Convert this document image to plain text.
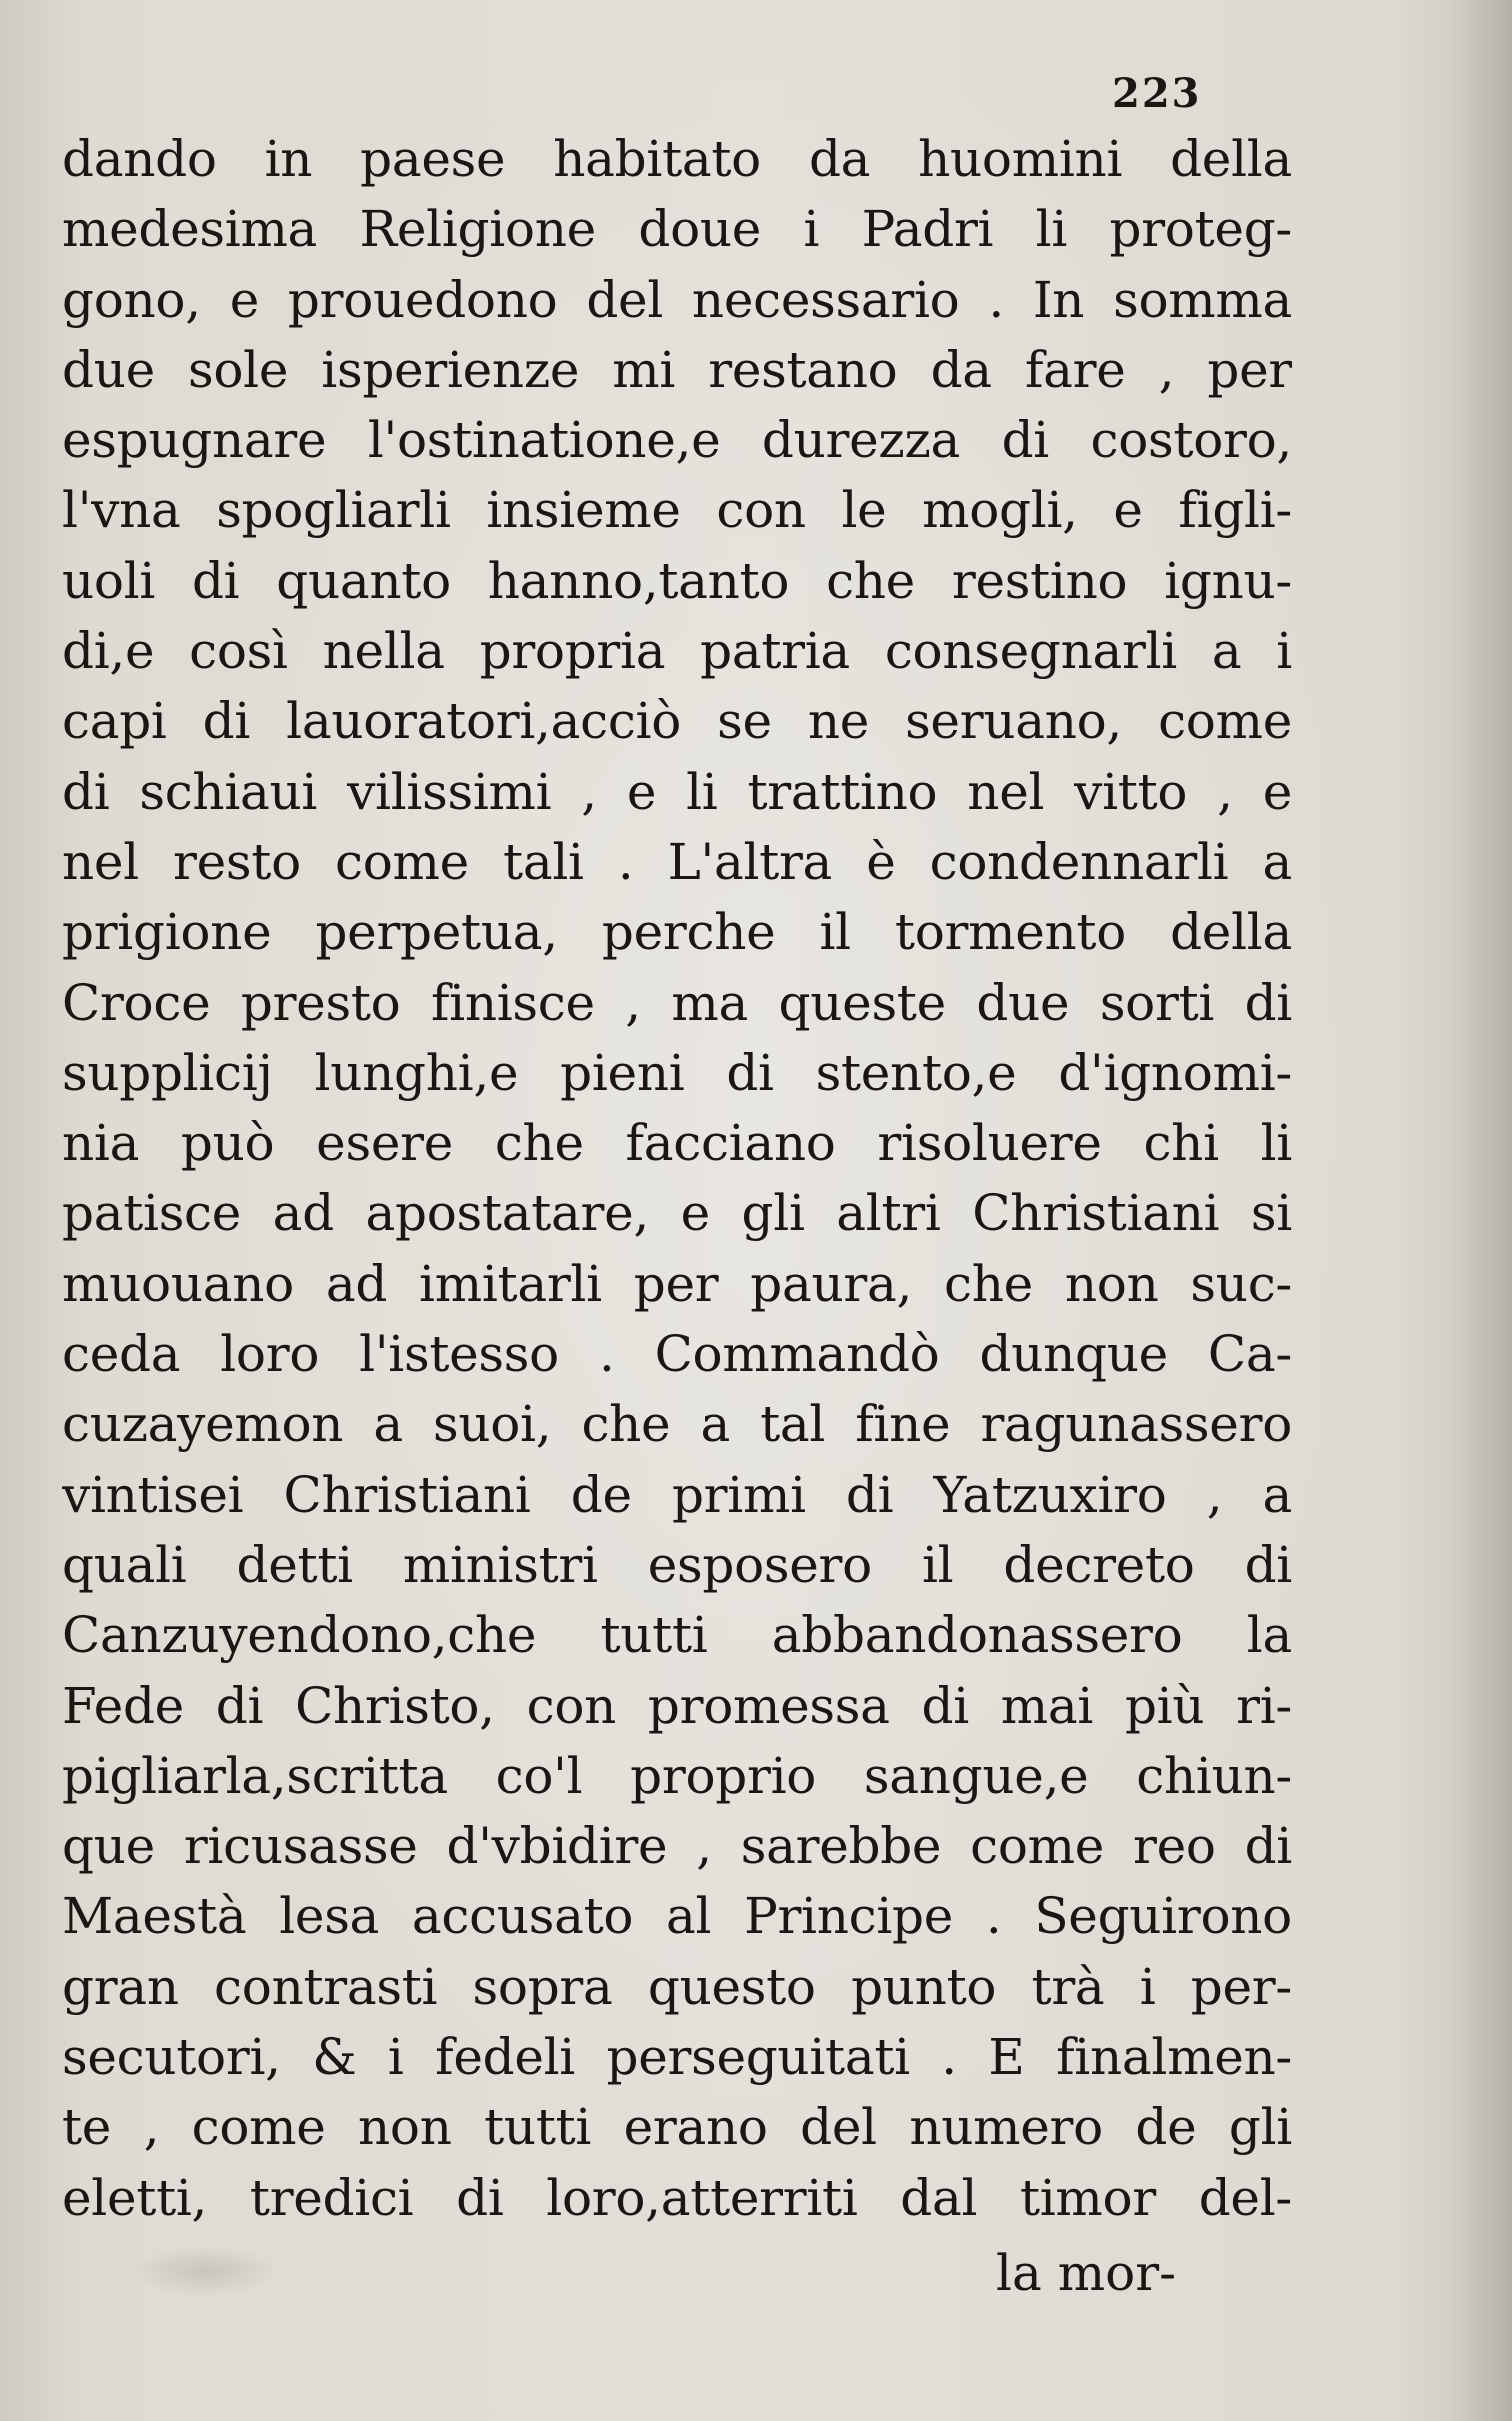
223
dando in paese habitato da huomini della
medesima Religione doue i Padri li proteg-
gono, e prouedono del necessario . In somma
due sole isperienze mi restano da fare , per
espugnare l'ostinatione,e durezza di costoro,
l'vna spogliarli insieme con le mogli, e figli-
uoli di quanto hanno,tanto che restino ignu-
di,e così nella propria patria consegnarli a i
capi di lauoratori,acciò se ne seruano, come
di schiaui vilissimi , e li trattino nel vitto , e
nel resto come tali . L'altra è condennarli a
prigione perpetua, perche il tormento della
Croce presto finisce , ma queste due sorti di
supplicij lunghi,e pieni di stento,e d'ignomi-
nia può esere che facciano risoluere chi li
patisce ad apostatare, e gli altri Christiani si
muouano ad imitarli per paura, che non suc-
ceda loro l'istesso . Commandò dunque Ca-
cuzayemon a suoi, che a tal fine ragunassero
vintisei Christiani de primi di Yatzuxiro , a
quali detti ministri esposero il decreto di
Canzuyendono,che tutti abbandonassero la
Fede di Christo, con promessa di mai più ri-
pigliarla,scritta co'l proprio sangue,e chiun-
que ricusasse d'vbidire , sarebbe come reo di
Maestà lesa accusato al Principe . Seguirono
gran contrasti sopra questo punto trà i per-
secutori, & i fedeli perseguitati . E finalmen-
te , come non tutti erano del numero de gli
eletti, tredici di loro,atterriti dal timor del-
la mor-
